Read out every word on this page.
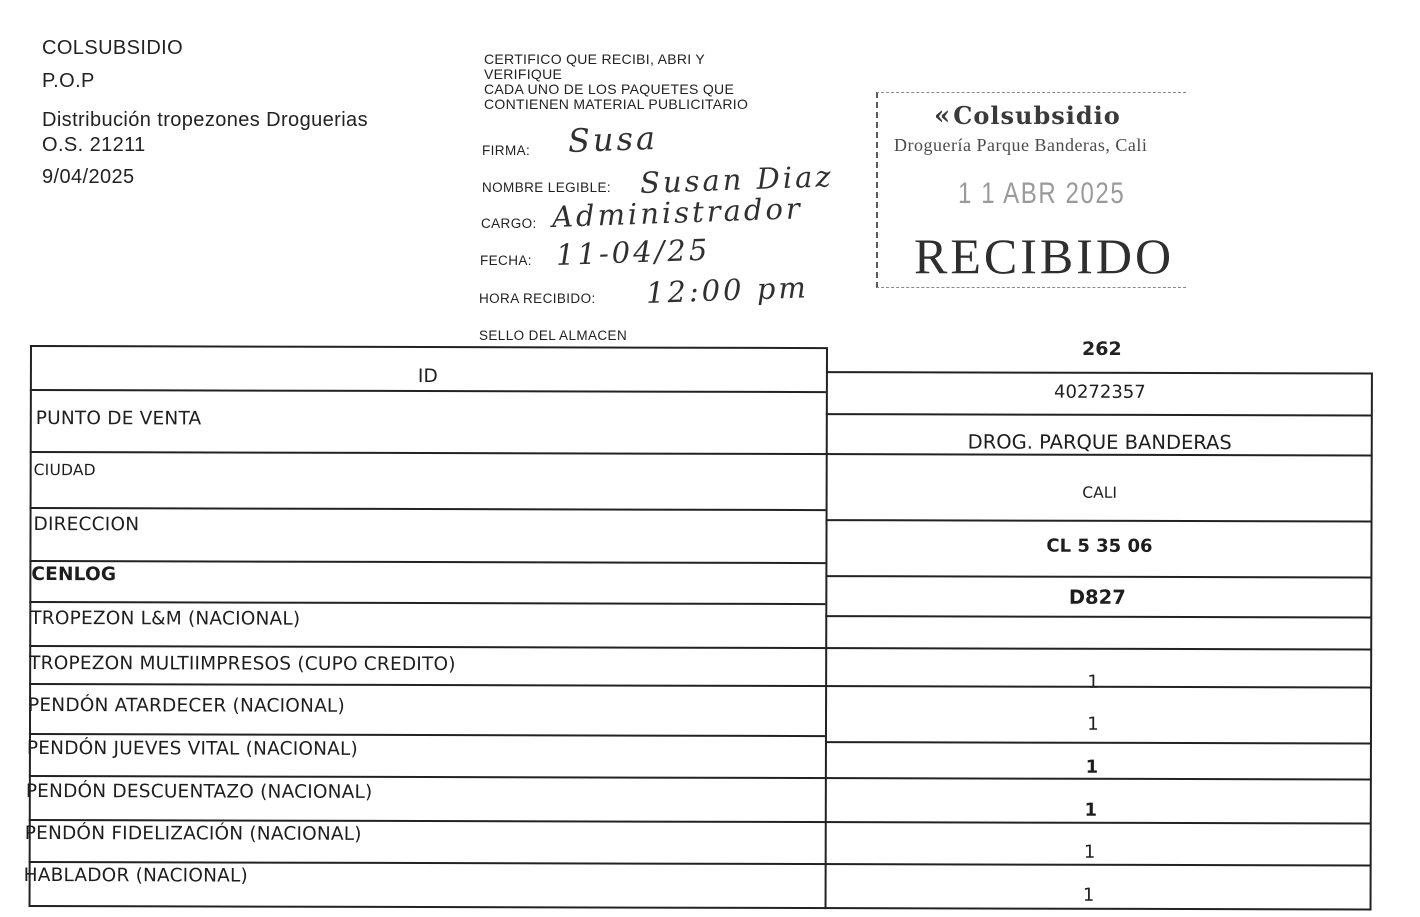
COLSUBSIDIO
P.O.P
Distribución tropezones Droguerias
O.S. 21211
9/04/2025
CERTIFICO QUE RECIBI, ABRI Y
VERIFIQUE
CADA UNO DE LOS PAQUETES QUE
CONTIENEN MATERIAL PUBLICITARIO
FIRMA: Susa
NOMBRE LEGIBLE: Susan Diaz
CARGO: Administrador
FECHA: 11-04/25
HORA RECIBIDO: 12:00 pm
SELLO DEL ALMACEN
«Colsubsidio
Droguería Parque Banderas, Cali
1 1 ABR 2025
RECIBIDO
262
ID
40272357
PUNTO DE VENTA
DROG. PARQUE BANDERAS
CIUDAD
CALI
DIRECCION
CL 5 35 06
CENLOG
D827
TROPEZON L&M (NACIONAL)
TROPEZON MULTIIMPRESOS (CUPO CREDITO)
1
PENDÓN ATARDECER (NACIONAL)
1
PENDÓN JUEVES VITAL (NACIONAL)
1
PENDÓN DESCUENTAZO (NACIONAL)
1
PENDÓN FIDELIZACIÓN (NACIONAL)
1
HABLADOR (NACIONAL)
1
